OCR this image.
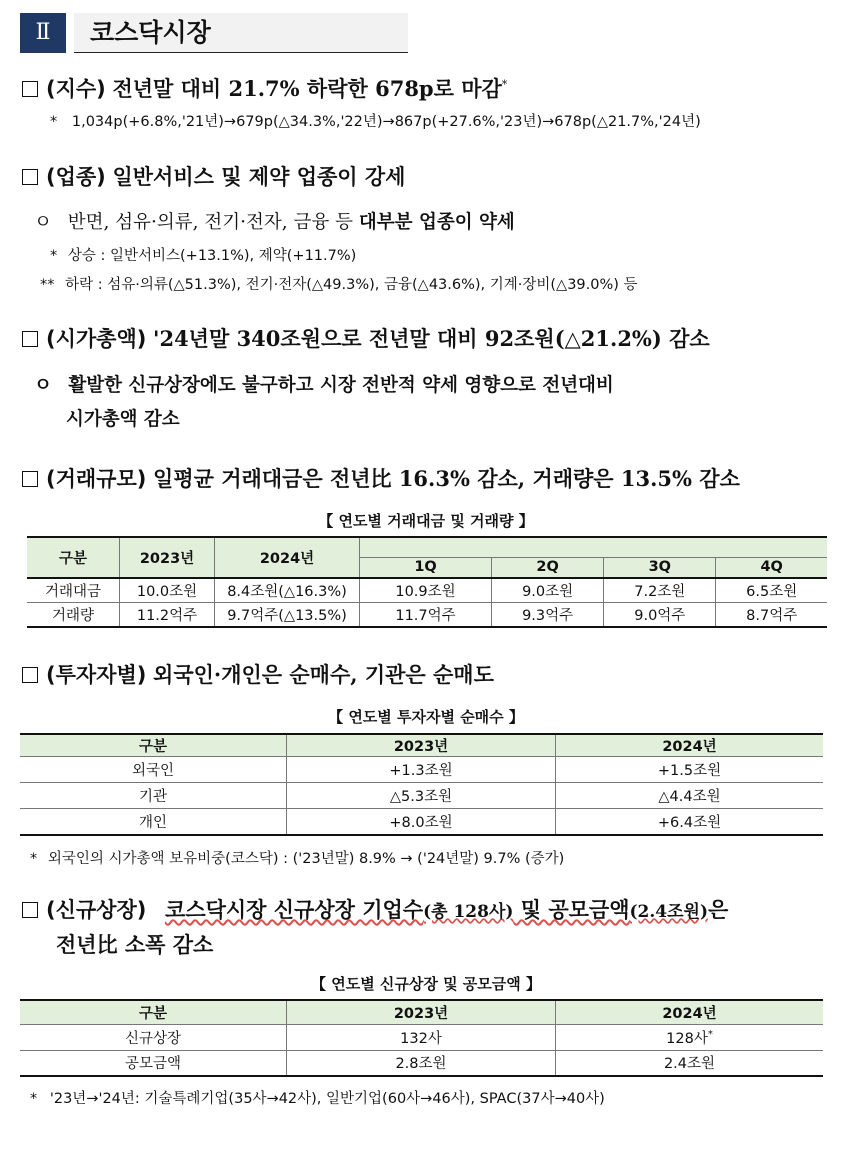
Ⅱ	코스닥시장
(지수) 전년말 대비 21.7% 하락한 678p로 마감*
* 1,034p(+6.8%,'21년)→679p(△34.3%,'22년)→867p(+27.6%,'23년)→678p(△21.7%,'24년)
(업종) 일반서비스 및 제약 업종이 강세
ㅇ 반면, 섬유·의류, 전기·전자, 금융 등 대부분 업종이 약세
* 상승 : 일반서비스(+13.1%), 제약(+11.7%)
** 하락 : 섬유·의류(△51.3%), 전기·전자(△49.3%), 금융(△43.6%), 기계·장비(△39.0%) 등
(시가총액) '24년말 340조원으로 전년말 대비 92조원(△21.2%) 감소
ㅇ 활발한 신규상장에도 불구하고 시장 전반적 약세 영향으로 전년대비
시가총액 감소
(거래규모) 일평균 거래대금은 전년比 16.3% 감소, 거래량은 13.5% 감소
【 연도별 거래대금 및 거래량 】
구분	2023년	2024년				
			1Q	2Q	3Q	4Q
거래대금	10.0조원	8.4조원(△16.3%)	10.9조원	9.0조원	7.2조원	6.5조원
거래량	11.2억주	9.7억주(△13.5%)	11.7억주	9.3억주	9.0억주	8.7억주
(투자자별) 외국인·개인은 순매수, 기관은 순매도
【 연도별 투자자별 순매수 】
구분	2023년	2024년
외국인	+1.3조원	+1.5조원
기관	△5.3조원	△4.4조원
개인	+8.0조원	+6.4조원
* 외국인의 시가총액 보유비중(코스닥) : ('23년말) 8.9% → ('24년말) 9.7% (증가)
(신규상장) 코스닥시장 신규상장 기업수(총 128사) 및 공모금액(2.4조원)은
전년比 소폭 감소
【 연도별 신규상장 및 공모금액 】
구분	2023년	2024년
신규상장	132사	128사*
공모금액	2.8조원	2.4조원
* '23년→'24년: 기술특례기업(35사→42사), 일반기업(60사→46사), SPAC(37사→40사)
